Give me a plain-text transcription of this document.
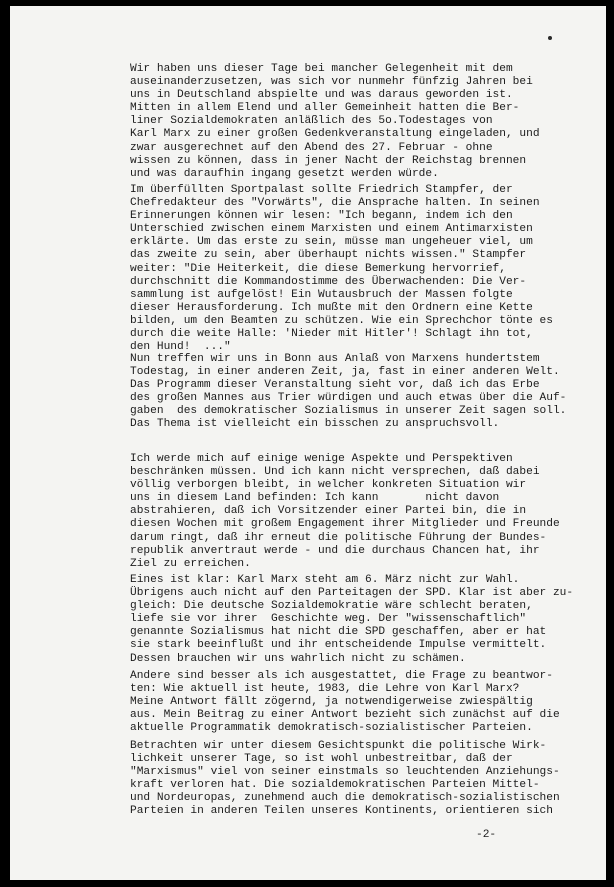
Wir haben uns dieser Tage bei mancher Gelegenheit mit dem
auseinanderzusetzen, was sich vor nunmehr fünfzig Jahren bei
uns in Deutschland abspielte und was daraus geworden ist.
Mitten in allem Elend und aller Gemeinheit hatten die Ber-
liner Sozialdemokraten anläßlich des 5o.Todestages von
Karl Marx zu einer großen Gedenkveranstaltung eingeladen, und
zwar ausgerechnet auf den Abend des 27. Februar - ohne
wissen zu können, dass in jener Nacht der Reichstag brennen
und was daraufhin ingang gesetzt werden würde.
Im überfüllten Sportpalast sollte Friedrich Stampfer, der
Chefredakteur des "Vorwärts", die Ansprache halten. In seinen
Erinnerungen können wir lesen: "Ich begann, indem ich den
Unterschied zwischen einem Marxisten und einem Antimarxisten
erklärte. Um das erste zu sein, müsse man ungeheuer viel, um
das zweite zu sein, aber überhaupt nichts wissen." Stampfer
weiter: "Die Heiterkeit, die diese Bemerkung hervorrief,
durchschnitt die Kommandostimme des Überwachenden: Die Ver-
sammlung ist aufgelöst! Ein Wutausbruch der Massen folgte
dieser Herausforderung. Ich mußte mit den Ordnern eine Kette
bilden, um den Beamten zu schützen. Wie ein Sprechchor tönte es
durch die weite Halle: 'Nieder mit Hitler'! Schlagt ihn tot,
den Hund!  ..."
Nun treffen wir uns in Bonn aus Anlaß von Marxens hundertstem
Todestag, in einer anderen Zeit, ja, fast in einer anderen Welt.
Das Programm dieser Veranstaltung sieht vor, daß ich das Erbe
des großen Mannes aus Trier würdigen und auch etwas über die Auf-
gaben  des demokratischer Sozialismus in unserer Zeit sagen soll.
Das Thema ist vielleicht ein bisschen zu anspruchsvoll.
Ich werde mich auf einige wenige Aspekte und Perspektiven
beschränken müssen. Und ich kann nicht versprechen, daß dabei
völlig verborgen bleibt, in welcher konkreten Situation wir
uns in diesem Land befinden: Ich kann       nicht davon
abstrahieren, daß ich Vorsitzender einer Partei bin, die in
diesen Wochen mit großem Engagement ihrer Mitglieder und Freunde
darum ringt, daß ihr erneut die politische Führung der Bundes-
republik anvertraut werde - und die durchaus Chancen hat, ihr
Ziel zu erreichen.
Eines ist klar: Karl Marx steht am 6. März nicht zur Wahl.
Übrigens auch nicht auf den Parteitagen der SPD. Klar ist aber zu-
gleich: Die deutsche Sozialdemokratie wäre schlecht beraten,
liefe sie vor ihrer  Geschichte weg. Der "wissenschaftlich"
genannte Sozialismus hat nicht die SPD geschaffen, aber er hat
sie stark beeinflußt und ihr entscheidende Impulse vermittelt.
Dessen brauchen wir uns wahrlich nicht zu schämen.
Andere sind besser als ich ausgestattet, die Frage zu beantwor-
ten: Wie aktuell ist heute, 1983, die Lehre von Karl Marx?
Meine Antwort fällt zögernd, ja notwendigerweise zwiespältig
aus. Mein Beitrag zu einer Antwort bezieht sich zunächst auf die
aktuelle Programmatik demokratisch-sozialistischer Parteien.
Betrachten wir unter diesem Gesichtspunkt die politische Wirk-
lichkeit unserer Tage, so ist wohl unbestreitbar, daß der
"Marxismus" viel von seiner einstmals so leuchtenden Anziehungs-
kraft verloren hat. Die sozialdemokratischen Parteien Mittel-
und Nordeuropas, zunehmend auch die demokratisch-sozialistischen
Parteien in anderen Teilen unseres Kontinents, orientieren sich
-2-
